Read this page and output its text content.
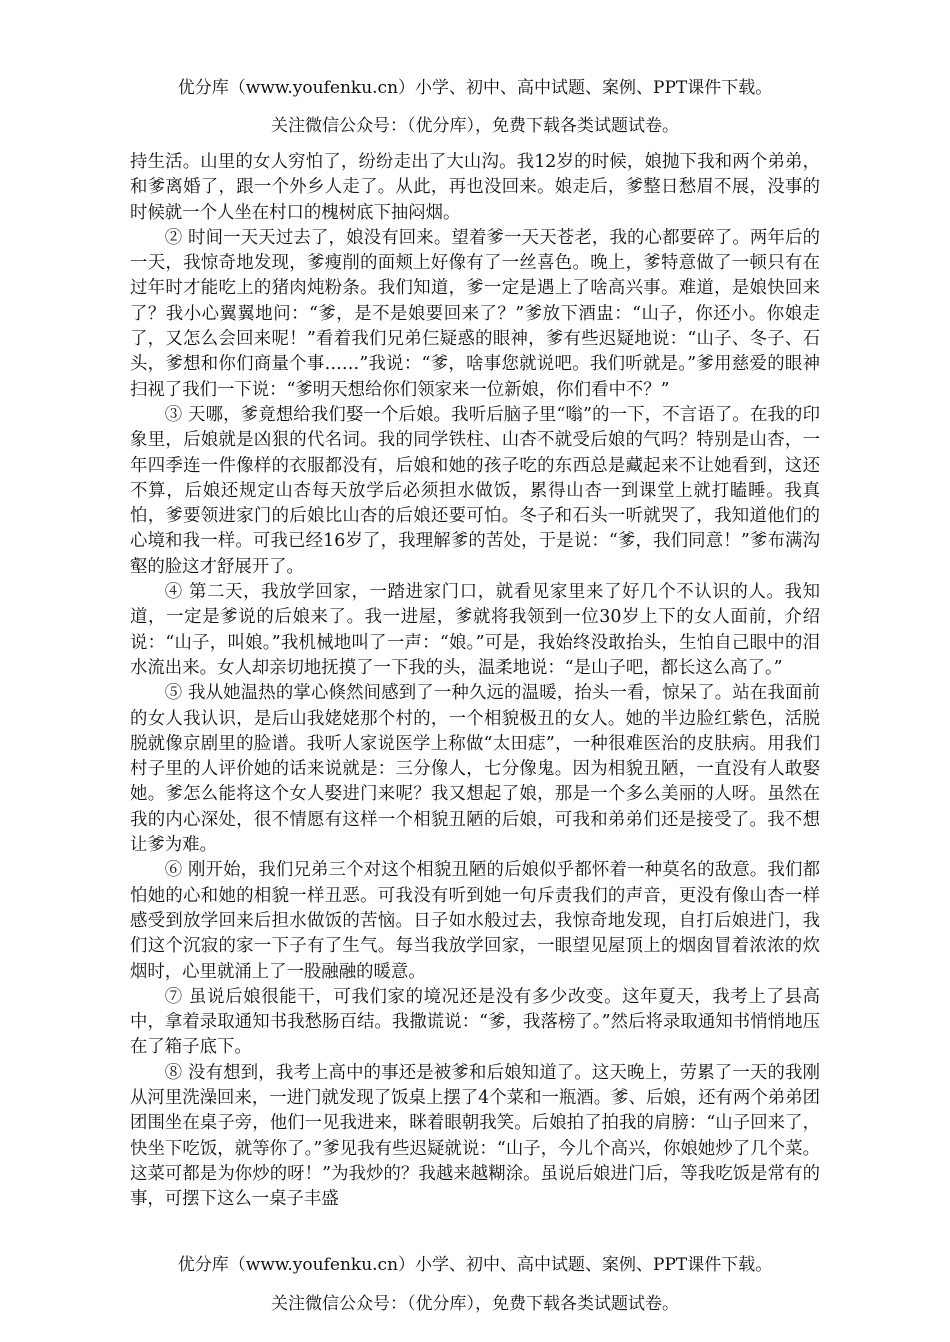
优分库（www.youfenku.cn）小学、初中、高中试题、案例、PPT课件下载。
关注微信公众号：（优分库），免费下载各类试题试卷。

持生活。山里的女人穷怕了，纷纷走出了大山沟。我12岁的时候，娘抛下我和两个弟弟，和爹离婚了，跟一个外乡人走了。从此，再也没回来。娘走后，爹整日愁眉不展，没事的时候就一个人坐在村口的槐树底下抽闷烟。

② 时间一天天过去了，娘没有回来。望着爹一天天苍老，我的心都要碎了。两年后的一天，我惊奇地发现，爹瘦削的面颊上好像有了一丝喜色。晚上，爹特意做了一顿只有在过年时才能吃上的猪肉炖粉条。我们知道，爹一定是遇上了啥高兴事。难道，是娘快回来了？我小心翼翼地问：“爹，是不是娘要回来了？”爹放下酒盅：“山子，你还小。你娘走了，又怎么会回来呢！”看着我们兄弟仨疑惑的眼神，爹有些迟疑地说：“山子、冬子、石头，爹想和你们商量个事……”我说：“爹，啥事您就说吧。我们听就是。”爹用慈爱的眼神扫视了我们一下说：“爹明天想给你们领家来一位新娘，你们看中不？”

③ 天哪，爹竟想给我们娶一个后娘。我听后脑子里“嗡”的一下，不言语了。在我的印象里，后娘就是凶狠的代名词。我的同学铁柱、山杏不就受后娘的气吗？特别是山杏，一年四季连一件像样的衣服都没有，后娘和她的孩子吃的东西总是藏起来不让她看到，这还不算，后娘还规定山杏每天放学后必须担水做饭，累得山杏一到课堂上就打瞌睡。我真怕，爹要领进家门的后娘比山杏的后娘还要可怕。冬子和石头一听就哭了，我知道他们的心境和我一样。可我已经16岁了，我理解爹的苦处，于是说：“爹，我们同意！”爹布满沟壑的脸这才舒展开了。

④ 第二天，我放学回家，一踏进家门口，就看见家里来了好几个不认识的人。我知道，一定是爹说的后娘来了。我一进屋，爹就将我领到一位30岁上下的女人面前，介绍说：“山子，叫娘。”我机械地叫了一声：“娘。”可是，我始终没敢抬头，生怕自己眼中的泪水流出来。女人却亲切地抚摸了一下我的头，温柔地说：“是山子吧，都长这么高了。”

⑤ 我从她温热的掌心倏然间感到了一种久远的温暖，抬头一看，惊呆了。站在我面前的女人我认识，是后山我姥姥那个村的，一个相貌极丑的女人。她的半边脸红紫色，活脱脱就像京剧里的脸谱。我听人家说医学上称做“太田痣”，一种很难医治的皮肤病。用我们村子里的人评价她的话来说就是：三分像人，七分像鬼。因为相貌丑陋，一直没有人敢娶她。爹怎么能将这个女人娶进门来呢？我又想起了娘，那是一个多么美丽的人呀。虽然在我的内心深处，很不情愿有这样一个相貌丑陋的后娘，可我和弟弟们还是接受了。我不想让爹为难。

⑥ 刚开始，我们兄弟三个对这个相貌丑陋的后娘似乎都怀着一种莫名的敌意。我们都怕她的心和她的相貌一样丑恶。可我没有听到她一句斥责我们的声音，更没有像山杏一样感受到放学回来后担水做饭的苦恼。日子如水般过去，我惊奇地发现，自打后娘进门，我们这个沉寂的家一下子有了生气。每当我放学回家，一眼望见屋顶上的烟囱冒着浓浓的炊烟时，心里就涌上了一股融融的暖意。

⑦ 虽说后娘很能干，可我们家的境况还是没有多少改变。这年夏天，我考上了县高中，拿着录取通知书我愁肠百结。我撒谎说：“爹，我落榜了。”然后将录取通知书悄悄地压在了箱子底下。

⑧ 没有想到，我考上高中的事还是被爹和后娘知道了。这天晚上，劳累了一天的我刚从河里洗澡回来，一进门就发现了饭桌上摆了4个菜和一瓶酒。爹、后娘，还有两个弟弟团团围坐在桌子旁，他们一见我进来，眯着眼朝我笑。后娘拍了拍我的肩膀：“山子回来了，快坐下吃饭，就等你了。”爹见我有些迟疑就说：“山子，今儿个高兴，你娘她炒了几个菜。这菜可都是为你炒的呀！”为我炒的？我越来越糊涂。虽说后娘进门后，等我吃饭是常有的事，可摆下这么一桌子丰盛

优分库（www.youfenku.cn）小学、初中、高中试题、案例、PPT课件下载。
关注微信公众号：（优分库），免费下载各类试题试卷。
